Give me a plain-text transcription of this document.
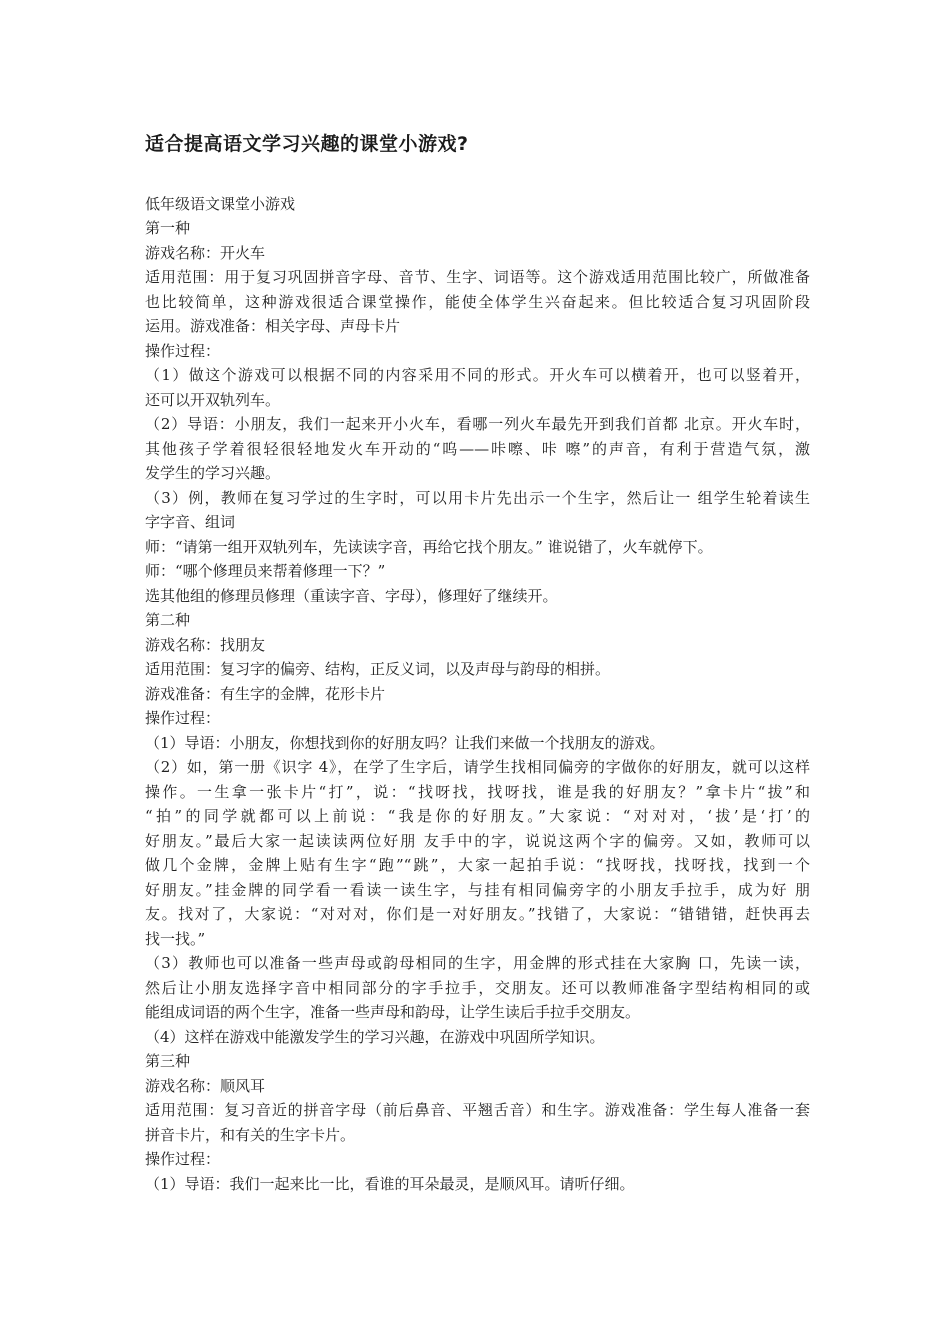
适合提高语文学习兴趣的课堂小游戏?
低年级语文课堂小游戏
第一种
游戏名称：开火车
适用范围：用于复习巩固拼音字母、音节、生字、词语等。这个游戏适用范围比较广，所做准备
也比较简单，这种游戏很适合课堂操作，能使全体学生兴奋起来。但比较适合复习巩固阶段
运用。游戏准备：相关字母、声母卡片
操作过程：
（1）做这个游戏可以根据不同的内容采用不同的形式。开火车可以横着开，也可以竖着开，
还可以开双轨列车。
（2）导语：小朋友，我们一起来开小火车，看哪一列火车最先开到我们首都 北京。开火车时，
其他孩子学着很轻很轻地发火车开动的“呜——咔嚓、咔 嚓”的声音，有利于营造气氛，激
发学生的学习兴趣。
（3）例，教师在复习学过的生字时，可以用卡片先出示一个生字，然后让一 组学生轮着读生
字字音、组词
师：“请第一组开双轨列车，先读读字音，再给它找个朋友。” 谁说错了，火车就停下。
师：“哪个修理员来帮着修理一下？”
选其他组的修理员修理（重读字音、字母），修理好了继续开。
第二种
游戏名称：找朋友
适用范围：复习字的偏旁、结构，正反义词，以及声母与韵母的相拼。
游戏准备：有生字的金牌，花形卡片
操作过程：
（1）导语：小朋友，你想找到你的好朋友吗？让我们来做一个找朋友的游戏。
（2）如，第一册《识字 4》，在学了生字后，请学生找相同偏旁的字做你的好朋友，就可以这样
操作。一生拿一张卡片“打”，说：“找呀找，找呀找，谁是我的好朋友？”拿卡片“拔”和
“拍”的同学就都可以上前说：“我是你的好朋友。”大家说：“对对对，‘拔’是‘打’的
好朋友。”最后大家一起读读两位好朋 友手中的字，说说这两个字的偏旁。又如，教师可以
做几个金牌，金牌上贴有生字“跑”“跳”，大家一起拍手说：“找呀找，找呀找，找到一个
好朋友。”挂金牌的同学看一看读一读生字，与挂有相同偏旁字的小朋友手拉手，成为好 朋
友。找对了，大家说：“对对对，你们是一对好朋友。”找错了，大家说：“错错错，赶快再去
找一找。”
（3）教师也可以准备一些声母或韵母相同的生字，用金牌的形式挂在大家胸 口，先读一读，
然后让小朋友选择字音中相同部分的字手拉手，交朋友。还可以教师准备字型结构相同的或
能组成词语的两个生字，准备一些声母和韵母，让学生读后手拉手交朋友。
（4）这样在游戏中能激发学生的学习兴趣，在游戏中巩固所学知识。
第三种
游戏名称：顺风耳
适用范围：复习音近的拼音字母（前后鼻音、平翘舌音）和生字。游戏准备：学生每人准备一套
拼音卡片，和有关的生字卡片。
操作过程：
（1）导语：我们一起来比一比，看谁的耳朵最灵，是顺风耳。请听仔细。
